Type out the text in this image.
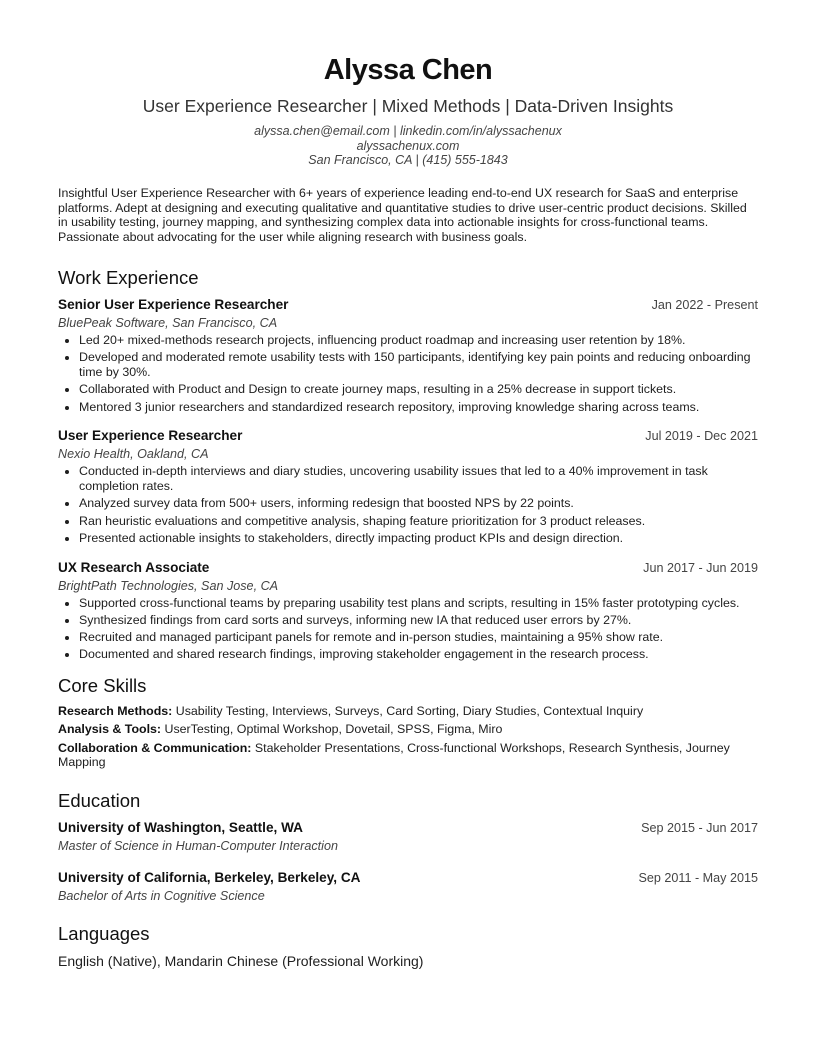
Alyssa Chen
User Experience Researcher | Mixed Methods | Data-Driven Insights
alyssa.chen@email.com | linkedin.com/in/alyssachenux
alyssachenux.com
San Francisco, CA | (415) 555-1843
Insightful User Experience Researcher with 6+ years of experience leading end-to-end UX research for SaaS and enterprise platforms. Adept at designing and executing qualitative and quantitative studies to drive user-centric product decisions. Skilled in usability testing, journey mapping, and synthesizing complex data into actionable insights for cross-functional teams. Passionate about advocating for the user while aligning research with business goals.
Work Experience
Senior User Experience Researcher	Jan 2022 - Present
BluePeak Software, San Francisco, CA
• Led 20+ mixed-methods research projects, influencing product roadmap and increasing user retention by 18%.
• Developed and moderated remote usability tests with 150 participants, identifying key pain points and reducing onboarding time by 30%.
• Collaborated with Product and Design to create journey maps, resulting in a 25% decrease in support tickets.
• Mentored 3 junior researchers and standardized research repository, improving knowledge sharing across teams.
User Experience Researcher	Jul 2019 - Dec 2021
Nexio Health, Oakland, CA
• Conducted in-depth interviews and diary studies, uncovering usability issues that led to a 40% improvement in task completion rates.
• Analyzed survey data from 500+ users, informing redesign that boosted NPS by 22 points.
• Ran heuristic evaluations and competitive analysis, shaping feature prioritization for 3 product releases.
• Presented actionable insights to stakeholders, directly impacting product KPIs and design direction.
UX Research Associate	Jun 2017 - Jun 2019
BrightPath Technologies, San Jose, CA
• Supported cross-functional teams by preparing usability test plans and scripts, resulting in 15% faster prototyping cycles.
• Synthesized findings from card sorts and surveys, informing new IA that reduced user errors by 27%.
• Recruited and managed participant panels for remote and in-person studies, maintaining a 95% show rate.
• Documented and shared research findings, improving stakeholder engagement in the research process.
Core Skills
Research Methods: Usability Testing, Interviews, Surveys, Card Sorting, Diary Studies, Contextual Inquiry
Analysis & Tools: UserTesting, Optimal Workshop, Dovetail, SPSS, Figma, Miro
Collaboration & Communication: Stakeholder Presentations, Cross-functional Workshops, Research Synthesis, Journey Mapping
Education
University of Washington, Seattle, WA	Sep 2015 - Jun 2017
Master of Science in Human-Computer Interaction
University of California, Berkeley, Berkeley, CA	Sep 2011 - May 2015
Bachelor of Arts in Cognitive Science
Languages
English (Native), Mandarin Chinese (Professional Working)
